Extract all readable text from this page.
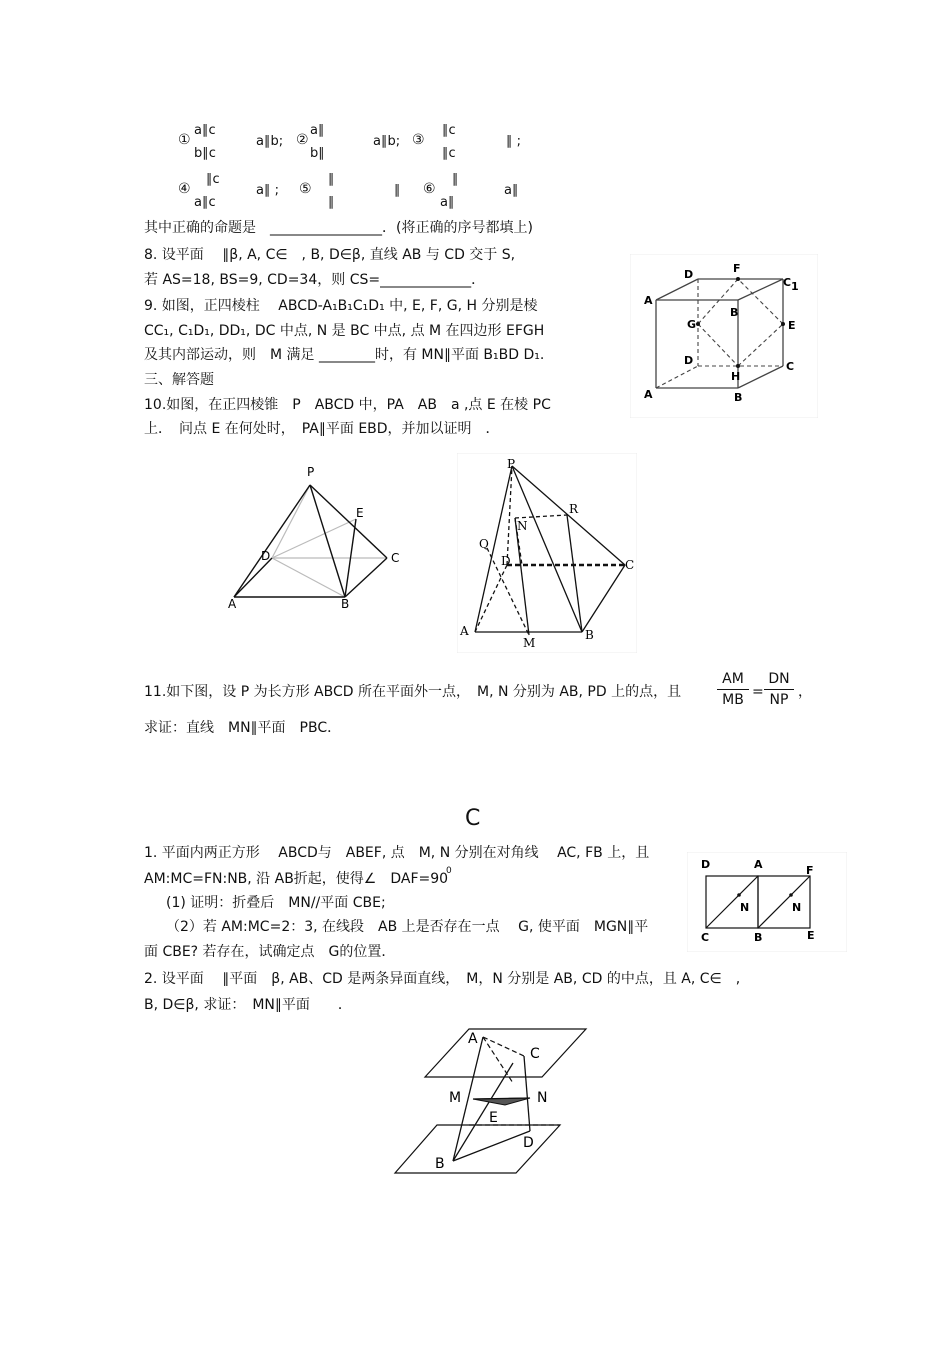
①
a∥c
b∥c
a∥b; ②
a∥
b∥
a∥b; ③
∥c
∥c
∥ ;
④
∥c
a∥c
a∥ ; ⑤
∥
∥
∥ ⑥
∥
a∥
a∥
其中正确的命题是　________________．(将正确的序号都填上)
8. 设平面　 ∥β, A, C∈　, B, D∈β, 直线 AB 与 CD 交于 S,
若 AS=18, BS=9, CD=34，则 CS=_____________．
9. 如图，正四棱柱　 ABCD-A₁B₁C₁D₁ 中, E, F, G, H 分别是棱
CC₁, C₁D₁, DD₁, DC 中点, N 是 BC 中点, 点 M 在四边形 EFGH
及其内部运动，则　M 满足 ________时，有 MN∥平面 B₁BD D₁.
三、解答题
10.如图，在正四棱锥　P　ABCD 中，PA　AB　a ,点 E 在棱 PC
上．　问点 E 在何处时，　PA∥平面 EBD，并加以证明　．
D	F
C 1
A
B
G	E
D	C
H
A	B
P
E
D	C
A	B
P
R
N
Q
D	C
A
M
B
11.如下图，设 P 为长方形 ABCD 所在平面外一点，　M, N 分别为 AB, PD 上的点，且
AM
MB =
DN
NP ，
求证：直线　MN∥平面　PBC．
C
1. 平面内两正方形　 ABCD与　ABEF, 点　M, N 分别在对角线　 AC, FB 上，且
AM:MC=FN:NB, 沿 AB折起，使得∠　DAF=90
0
(1) 证明：折叠后　MN//平面 CBE;
（2）若 AM:MC=2：3, 在线段　AB 上是否存在一点　 G, 使平面　MGN∥平
面 CBE? 若存在，试确定点　G的位置．
D	A	F
N	N
C	B	E
2. 设平面　 ∥平面　β, AB、CD 是两条异面直线，　M，N 分别是 AB, CD 的中点，且 A, C∈　,
B, D∈β, 求证：　MN∥平面　　．
A
C
M	N
E
D
B
